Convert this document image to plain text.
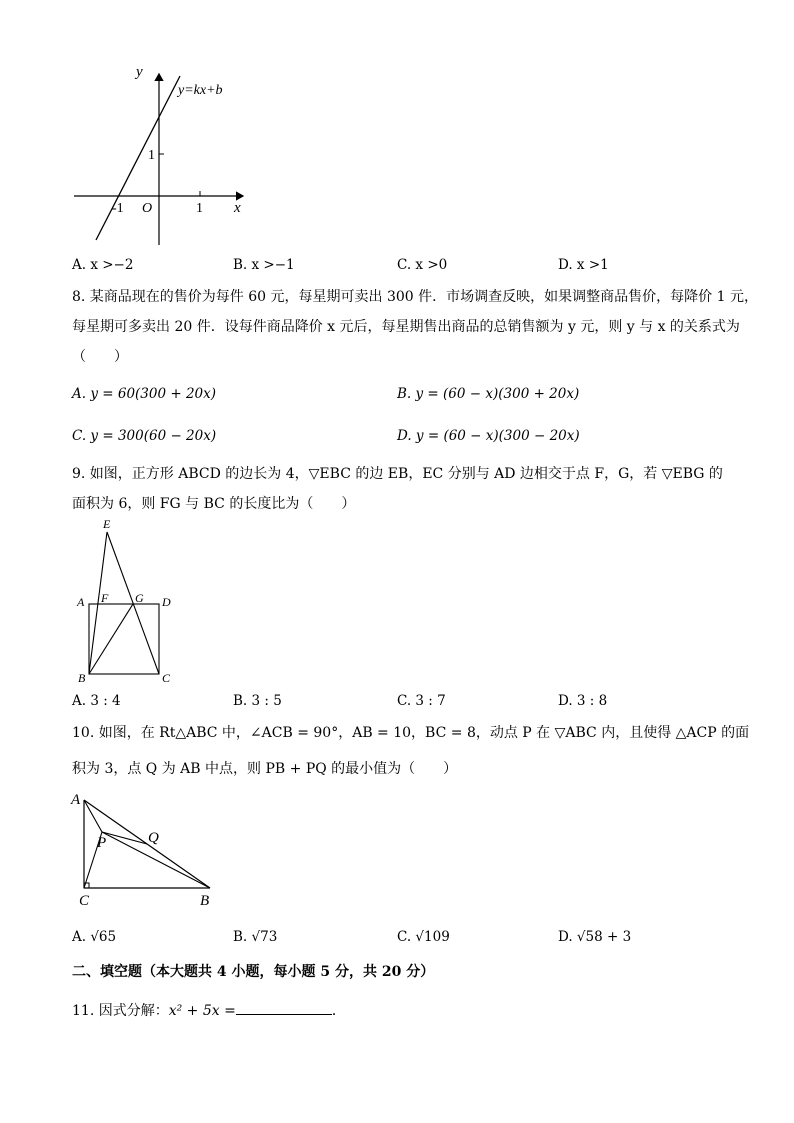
y
x
y=kx+b
O
-1	1
1
A. x >−2	B. x >−1	C. x >0	D. x >1
8. 某商品现在的售价为每件 60 元，每星期可卖出 300 件．市场调查反映，如果调整商品售价，每降价 1 元，
每星期可多卖出 20 件．设每件商品降价 x 元后，每星期售出商品的总销售额为 y 元，则 y 与 x 的关系式为
（　　）
A. y = 60(300 + 20x)	B. y = (60 − x)(300 + 20x)
C. y = 300(60 − 20x)	D. y = (60 − x)(300 − 20x)
9. 如图，正方形 ABCD 的边长为 4，▽EBC 的边 EB，EC 分别与 AD 边相交于点 F，G，若 ▽EBG 的
面积为 6，则 FG 与 BC 的长度比为（　　）
E
A F G D
B	C
A. 3 : 4	B. 3 : 5	C. 3 : 7	D. 3 : 8
10. 如图，在 Rt△ABC 中，∠ACB = 90°，AB = 10，BC = 8，动点 P 在 ▽ABC 内，且使得 △ACP 的面
积为 3，点 Q 为 AB 中点，则 PB + PQ 的最小值为（　　）
A
P	Q
C	B
A. √65	B. √73	C. √109	D. √58 + 3
二、填空题（本大题共 4 小题，每小题 5 分，共 20 分）
11. 因式分解：x² + 5x =	．
